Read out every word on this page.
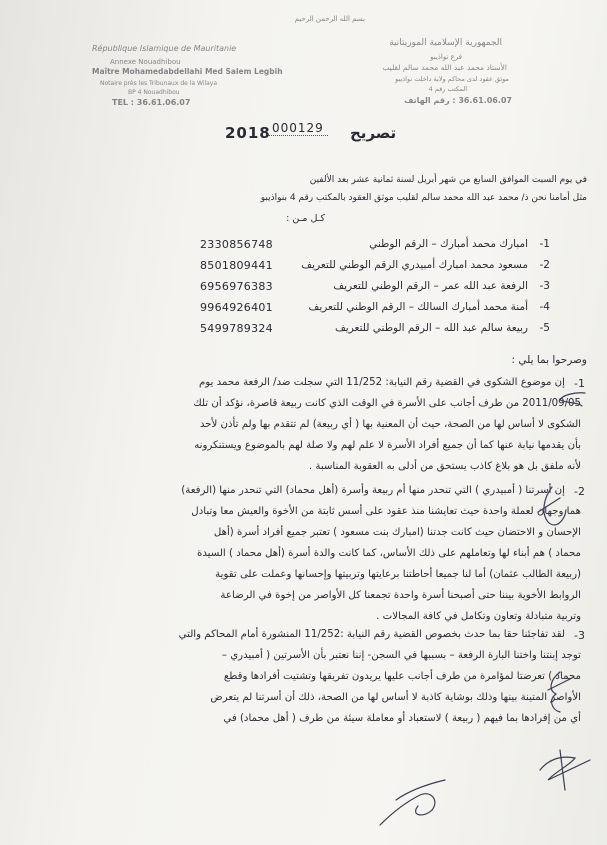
بسم الله الرحمن الرحيم
République Islamique de Mauritanie
Annexe Nouadhibou
Maître Mohamedabdellahi Med Salem Legbih
Notaire près les Tribunaux de la Wilaya
BP 4 Nouadhibou
TEL : 36.61.06.07
الجمهورية الإسلامية الموريتانية
فرع نواذيبو
الأستاذ محمد عبد الله محمد سالم لقليب
موثق عقود لدى محاكم ولاية داخلت نواذيبو
المكتب رقم 4
36.61.06.07 : رقم الهاتف
2018 000129 تصريح
في يوم السبت الموافق السابع من شهر أبريل لسنة ثمانية عشر بعد الألفين
مثل أمامنا نحن ذ/ محمد عبد الله محمد سالم لقليب موثق العقود بالمكتب رقم 4 بنواذيبو
كـل مـن :
-1
امبارك محمد أمبارك – الرقم الوطني
2330856748
-2
مسعود محمد امبارك أمبيدري الرقم الوطني للتعريف
8501809441
-3
الرفعة عبد الله عمر – الرقم الوطني للتعريف
6956976383
-4
أمنة محمد أمبارك السالك – الرقم الوطني للتعريف
9964926401
-5
ربيعة سالم عبد الله – الرقم الوطني للتعريف
5499789324
وصرحوا بما يلي :
-1
إن موضوع الشكوى في القضية رقم النيابة: 11/252 التي سجلت ضد/ الرفعة محمد يوم
2011/09/05 من طرف أجانب على الأسرة في الوقت الذي كانت ربيعة قاصرة، نؤكد أن تلك
الشكوى لا أساس لها من الصحة، حيث أن المعنية بها ( أي ربيعة) لم تتقدم بها ولم تأذن لأحد
بأن يقدمها نيابة عنها كما أن جميع أفراد الأسرة لا علم لهم ولا صلة لهم بالموضوع ويستنكرونه
لأنه ملفق بل هو بلاغ كاذب يستحق من أدلى به العقوبة المناسبة .
-2
إن أسرتنا ( أمبيدري ) التي تنحدر منها أم ربيعة وأسرة (أهل محماد) التي تنحدر منها (الرفعة)
هما وجهان لعملة واحدة حيث تعايشنا منذ عقود على أسس ثابتة من الأخوة والعيش معا وتبادل
الإحسان و الاحتضان حيث كانت جدتنا (امبارك بنت مسعود ) تعتبر جميع أفراد أسرة (أهل
محماد ) هم أبناء لها وتعاملهم على ذلك الأساس، كما كانت والدة أسرة (أهل محماد ) السيدة
(ربيعة الطالب عثمان) أما لنا جميعا أحاطتنا برعايتها وتربيتها وإحسانها وعملت على تقوية
الروابط الأخوية بيننا حتى أصبحنا أسرة واحدة تجمعنا كل الأواصر من إخوة في الرضاعة
وتربية متبادلة وتعاون وتكامل في كافة المجالات .
-3
لقد تفاجئنا حقا بما حدث بخصوص القضية رقم النيابة :11/252 المنشورة أمام المحاكم والتي
توجد إبنتنا واختنا البارة الرفعة – بسببها في السجن- إننا نعتبر بأن الأسرتين ( أمبيدري –
محماد ) تعرضتا لمؤامرة من طرف أجانب عليها يريدون تفريقها وتشتيت أفرادها وقطع
الأواصر المتينة بينها وذلك بوشاية كاذبة لا أساس لها من الصحة، ذلك أن أسرتنا لم يتعرض
أي من إفرادها بما فيهم ( ربيعة ) لاستعباد أو معاملة سيئة من طرف ( أهل محماد) في
